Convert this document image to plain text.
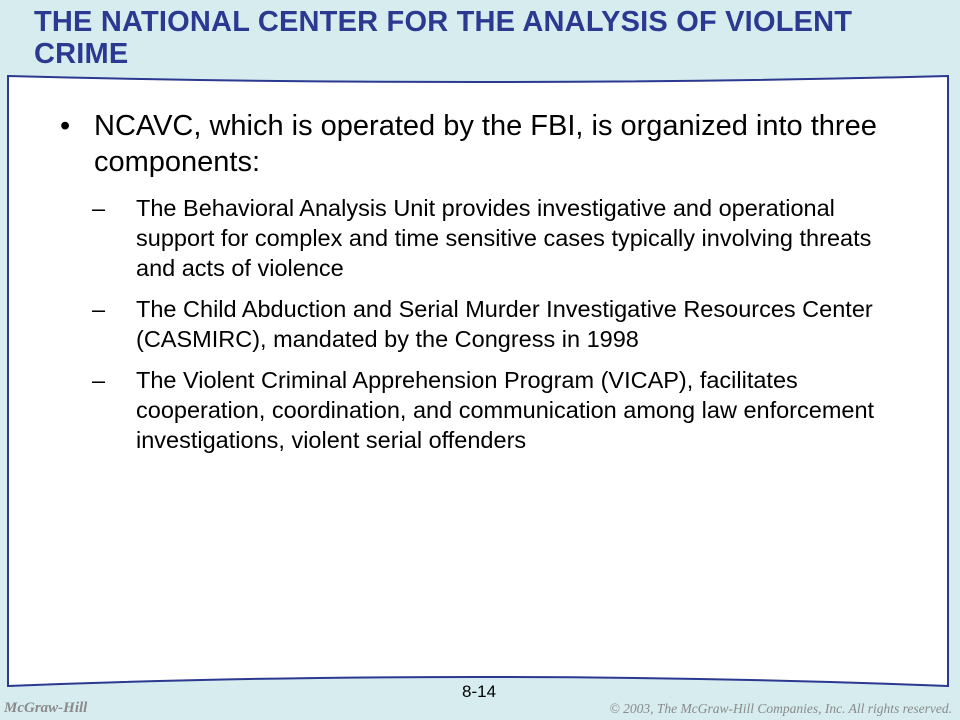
THE NATIONAL CENTER FOR THE ANALYSIS OF VIOLENT CRIME
• NCAVC, which is operated by the FBI, is organized into three components:
– The Behavioral Analysis Unit provides investigative and operational support for complex and time sensitive cases typically involving threats and acts of violence
– The Child Abduction and Serial Murder Investigative Resources Center (CASMIRC), mandated by the Congress in 1998
– The Violent Criminal Apprehension Program (VICAP), facilitates cooperation, coordination, and communication among law enforcement investigations, violent serial offenders
McGraw-Hill
8-14
© 2003, The McGraw-Hill Companies, Inc. All rights reserved.
